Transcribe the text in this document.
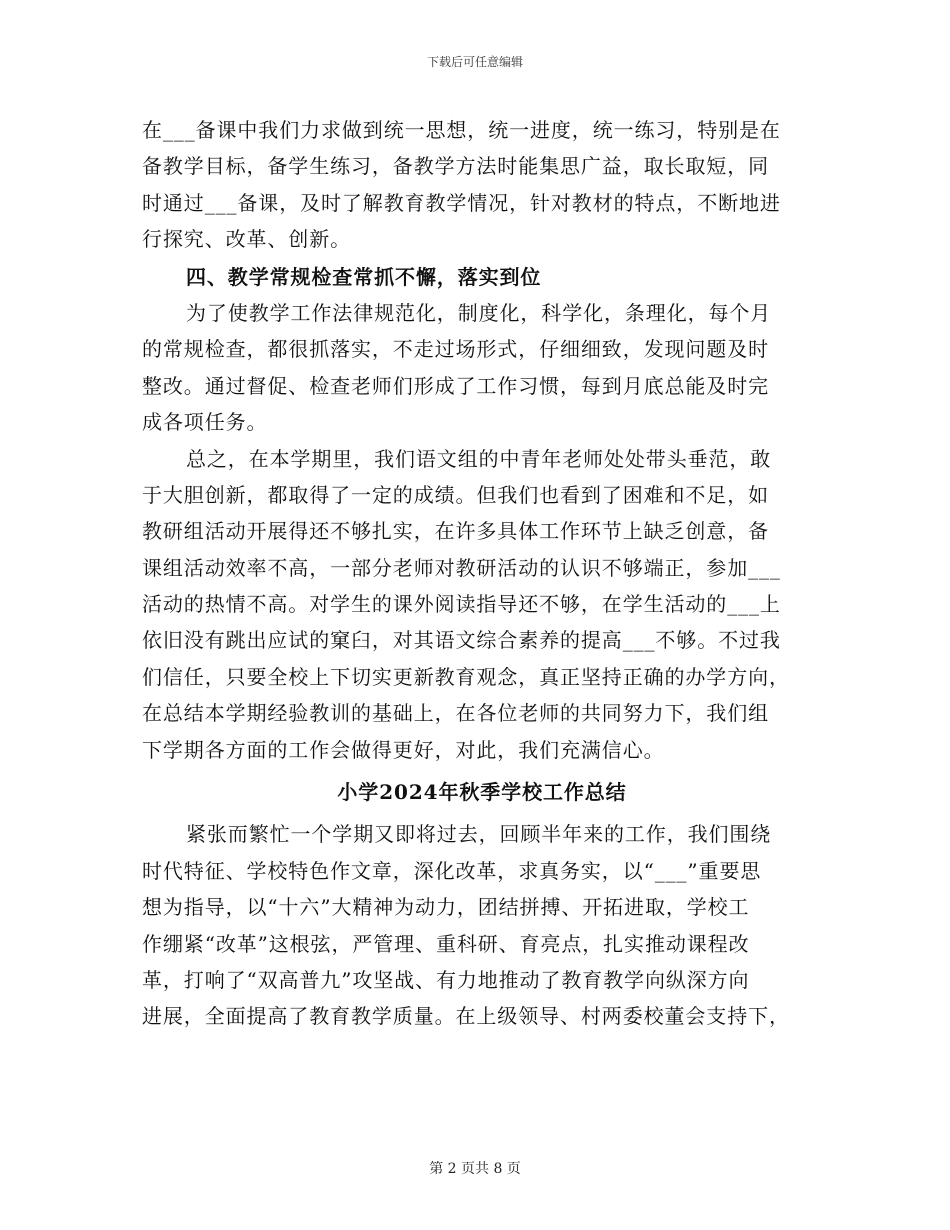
下载后可任意编辑
在___备课中我们力求做到统一思想，统一进度，统一练习，特别是在
备教学目标，备学生练习，备教学方法时能集思广益，取长取短，同
时通过___备课，及时了解教育教学情况，针对教材的特点，不断地进
行探究、改革、创新。
四、教学常规检查常抓不懈，落实到位
为了使教学工作法律规范化，制度化，科学化，条理化，每个月
的常规检查，都很抓落实，不走过场形式，仔细细致，发现问题及时
整改。通过督促、检查老师们形成了工作习惯，每到月底总能及时完
成各项任务。
总之，在本学期里，我们语文组的中青年老师处处带头垂范，敢
于大胆创新，都取得了一定的成绩。但我们也看到了困难和不足，如
教研组活动开展得还不够扎实，在许多具体工作环节上缺乏创意，备
课组活动效率不高，一部分老师对教研活动的认识不够端正，参加___
活动的热情不高。对学生的课外阅读指导还不够，在学生活动的___上
依旧没有跳出应试的窠臼，对其语文综合素养的提高___不够。不过我
们信任，只要全校上下切实更新教育观念，真正坚持正确的办学方向，
在总结本学期经验教训的基础上，在各位老师的共同努力下，我们组
下学期各方面的工作会做得更好，对此，我们充满信心。
小学2024年秋季学校工作总结
紧张而繁忙一个学期又即将过去，回顾半年来的工作，我们围绕
时代特征、学校特色作文章，深化改革，求真务实，以“___”重要思
想为指导，以“十六”大精神为动力，团结拼搏、开拓进取，学校工
作绷紧“改革”这根弦，严管理、重科研、育亮点，扎实推动课程改
革，打响了“双高普九”攻坚战、有力地推动了教育教学向纵深方向
进展，全面提高了教育教学质量。在上级领导、村两委校董会支持下，
第 2 页共 8 页
